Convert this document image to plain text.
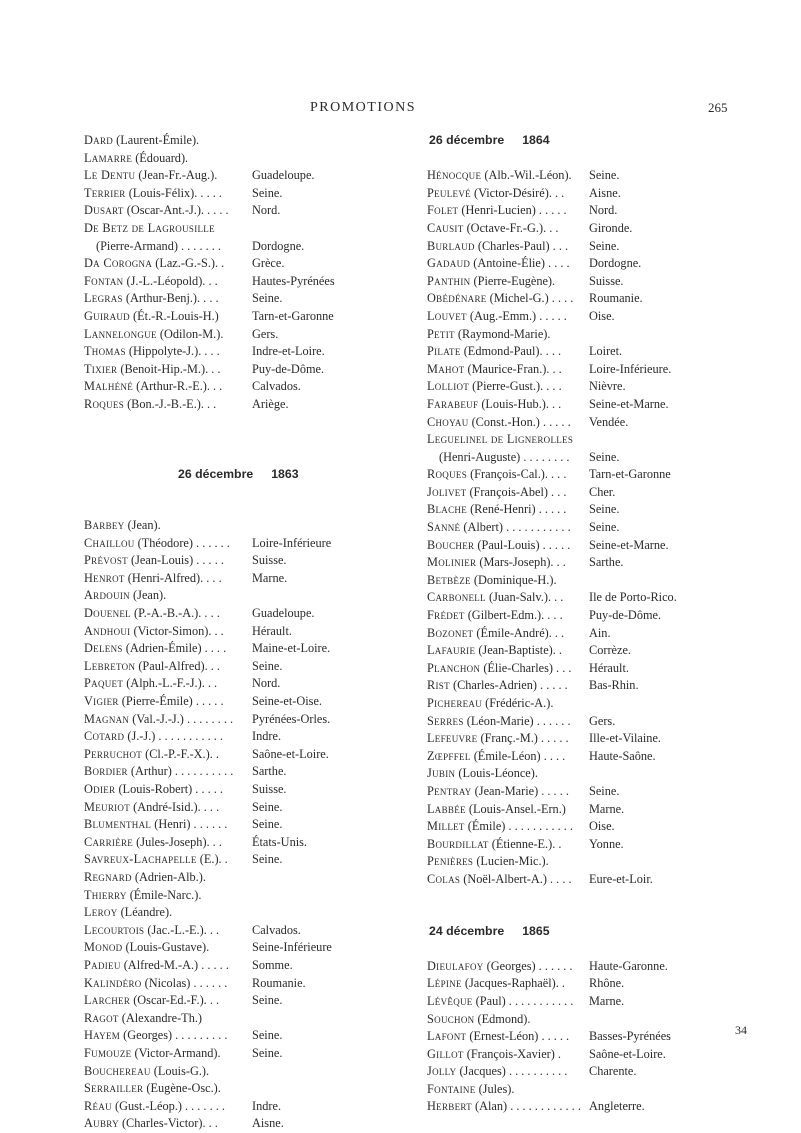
PROMOTIONS	265
Dard (Laurent-Émile).
Lamarre (Édouard).
Le Dentu (Jean-Fr.-Aug.).	Guadeloupe.
Terrier (Louis-Félix). . . . . Seine.
Dusart (Oscar-Ant.-J.). . . . . Nord.
De Betz de Lagrousille
(Pierre-Armand) . . . . . . .	Dordogne.
Da Corogna (Laz.-G.-S.). . Grèce.
Fontan (J.-L.-Léopold). . .	Hautes-Pyrénées
Legras (Arthur-Benj.). . . .	Seine.
Guiraud (Ét.-R.-Louis-H.)	Tarn-et-Garonne
Lannelongue (Odilon-M.). Gers.
Thomas (Hippolyte-J.). . . .	Indre-et-Loire.
Tixier (Benoit-Hip.-M.). . .	Puy-de-Dôme.
Malhéné (Arthur-R.-E.). . . Calvados.
Roques (Bon.-J.-B.-E.). . .	Ariège.
26 décembre 1863
Barbey (Jean).
Chaillou (Théodore) . . . . . . Loire-Inférieure
Prévost (Jean-Louis) . . . . . Suisse.
Henrot (Henri-Alfred). . . . Marne.
Ardouin (Jean).
Douenel (P.-A.-B.-A.). . . .	Guadeloupe.
Andhoui (Victor-Simon). . . Hérault.
Delens (Adrien-Émile) . . . . Maine-et-Loire.
Lebreton (Paul-Alfred). . .	Seine.
Paquet (Alph.-L.-F.-J.). . .	Nord.
Vigier (Pierre-Émile) . . . . . Seine-et-Oise.
Magnan (Val.-J.-J.) . . . . . . . . Pyrénées-Orles.
Cotard (J.-J.) . . . . . . . . . . . Indre.
Perruchot (Cl.-P.-F.-X.). .	Saône-et-Loire.
Bordier (Arthur) . . . . . . . . . . Sarthe.
Odier (Louis-Robert) . . . . . Suisse.
Meuriot (André-Isid.). . . .	Seine.
Blumenthal (Henri) . . . . . . Seine.
Carrière (Jules-Joseph). . . États-Unis.
Savreux-Lachapelle (E.). . Seine.
Regnard (Adrien-Alb.).
Thierry (Émile-Narc.).
Leroy (Léandre).
Lecourtois (Jac.-L.-E.). . .	Calvados.
Monod (Louis-Gustave).	Seine-Inférieure
Padieu (Alfred-M.-A.) . . . . . Somme.
Kalindéro (Nicolas) . . . . . . Roumanie.
Larcher (Oscar-Ed.-F.). . .	Seine.
Ragot (Alexandre-Th.)
Hayem (Georges) . . . . . . . . . Seine.
Fumouze (Victor-Armand).	Seine.
Bouchereau (Louis-G.).
Serrailler (Eugène-Osc.).
Réau (Gust.-Léop.) . . . . . . . Indre.
Aubry (Charles-Victor). . .	Aisne.
26 décembre 1864
Hénocque (Alb.-Wil.-Léon). Seine.
Peulevé (Victor-Désiré). . . Aisne.
Folet (Henri-Lucien) . . . . . Nord.
Causit (Octave-Fr.-G.). . . Gironde.
Burlaud (Charles-Paul) . . . Seine.
Gadaud (Antoine-Élie) . . . . Dordogne.
Panthin (Pierre-Eugène).	Suisse.
Obédénare (Michel-G.) . . . . Roumanie.
Louvet (Aug.-Emm.) . . . . . Oise.
Petit (Raymond-Marie).
Pilate (Edmond-Paul). . . . Loiret.
Mahot (Maurice-Fran.). . . Loire-Inférieure.
Lolliot (Pierre-Gust.). . . . Nièvre.
Farabeuf (Louis-Hub.). . . Seine-et-Marne.
Choyau (Const.-Hon.) . . . . . Vendée.
Leguelinel de Lignerolles
(Henri-Auguste) . . . . . . . . Seine.
Roques (François-Cal.). . . . Tarn-et-Garonne
Jolivet (François-Abel) . . . Cher.
Blache (René-Henri) . . . . . Seine.
Sanné (Albert) . . . . . . . . . . . Seine.
Boucher (Paul-Louis) . . . . . Seine-et-Marne.
Molinier (Mars-Joseph). . . Sarthe.
Betbèze (Dominique-H.).
Carbonell (Juan-Salv.). . . Ile de Porto-Rico.
Frédet (Gilbert-Edm.). . . . Puy-de-Dôme.
Bozonet (Émile-André). . . Ain.
Lafaurie (Jean-Baptiste). . Corrèze.
Planchon (Élie-Charles) . . . Hérault.
Rist (Charles-Adrien) . . . . . Bas-Rhin.
Pichereau (Frédéric-A.).
Serres (Léon-Marie) . . . . . . Gers.
Lefeuvre (Franç.-M.) . . . . . Ille-et-Vilaine.
Zœpffel (Émile-Léon) . . . . Haute-Saône.
Jubin (Louis-Léonce).
Pentray (Jean-Marie) . . . . . Seine.
Labbée (Louis-Ansel.-Ern.) Marne.
Millet (Émile) . . . . . . . . . . . Oise.
Bourdillat (Étienne-E.). . Yonne.
Penières (Lucien-Mic.).
Colas (Noël-Albert-A.) . . . . Eure-et-Loir.
24 décembre 1865
Dieulafoy (Georges) . . . . . . Haute-Garonne.
Lépine (Jacques-Raphaël). . Rhône.
Lévêque (Paul) . . . . . . . . . . . Marne.
Souchon (Edmond).
Lafont (Ernest-Léon) . . . . . Basses-Pyrénées
Gillot (François-Xavier) . Saône-et-Loire.
Jolly (Jacques) . . . . . . . . . . Charente.
Fontaine (Jules).
Herbert (Alan) . . . . . . . . . . . . Angleterre.
34
